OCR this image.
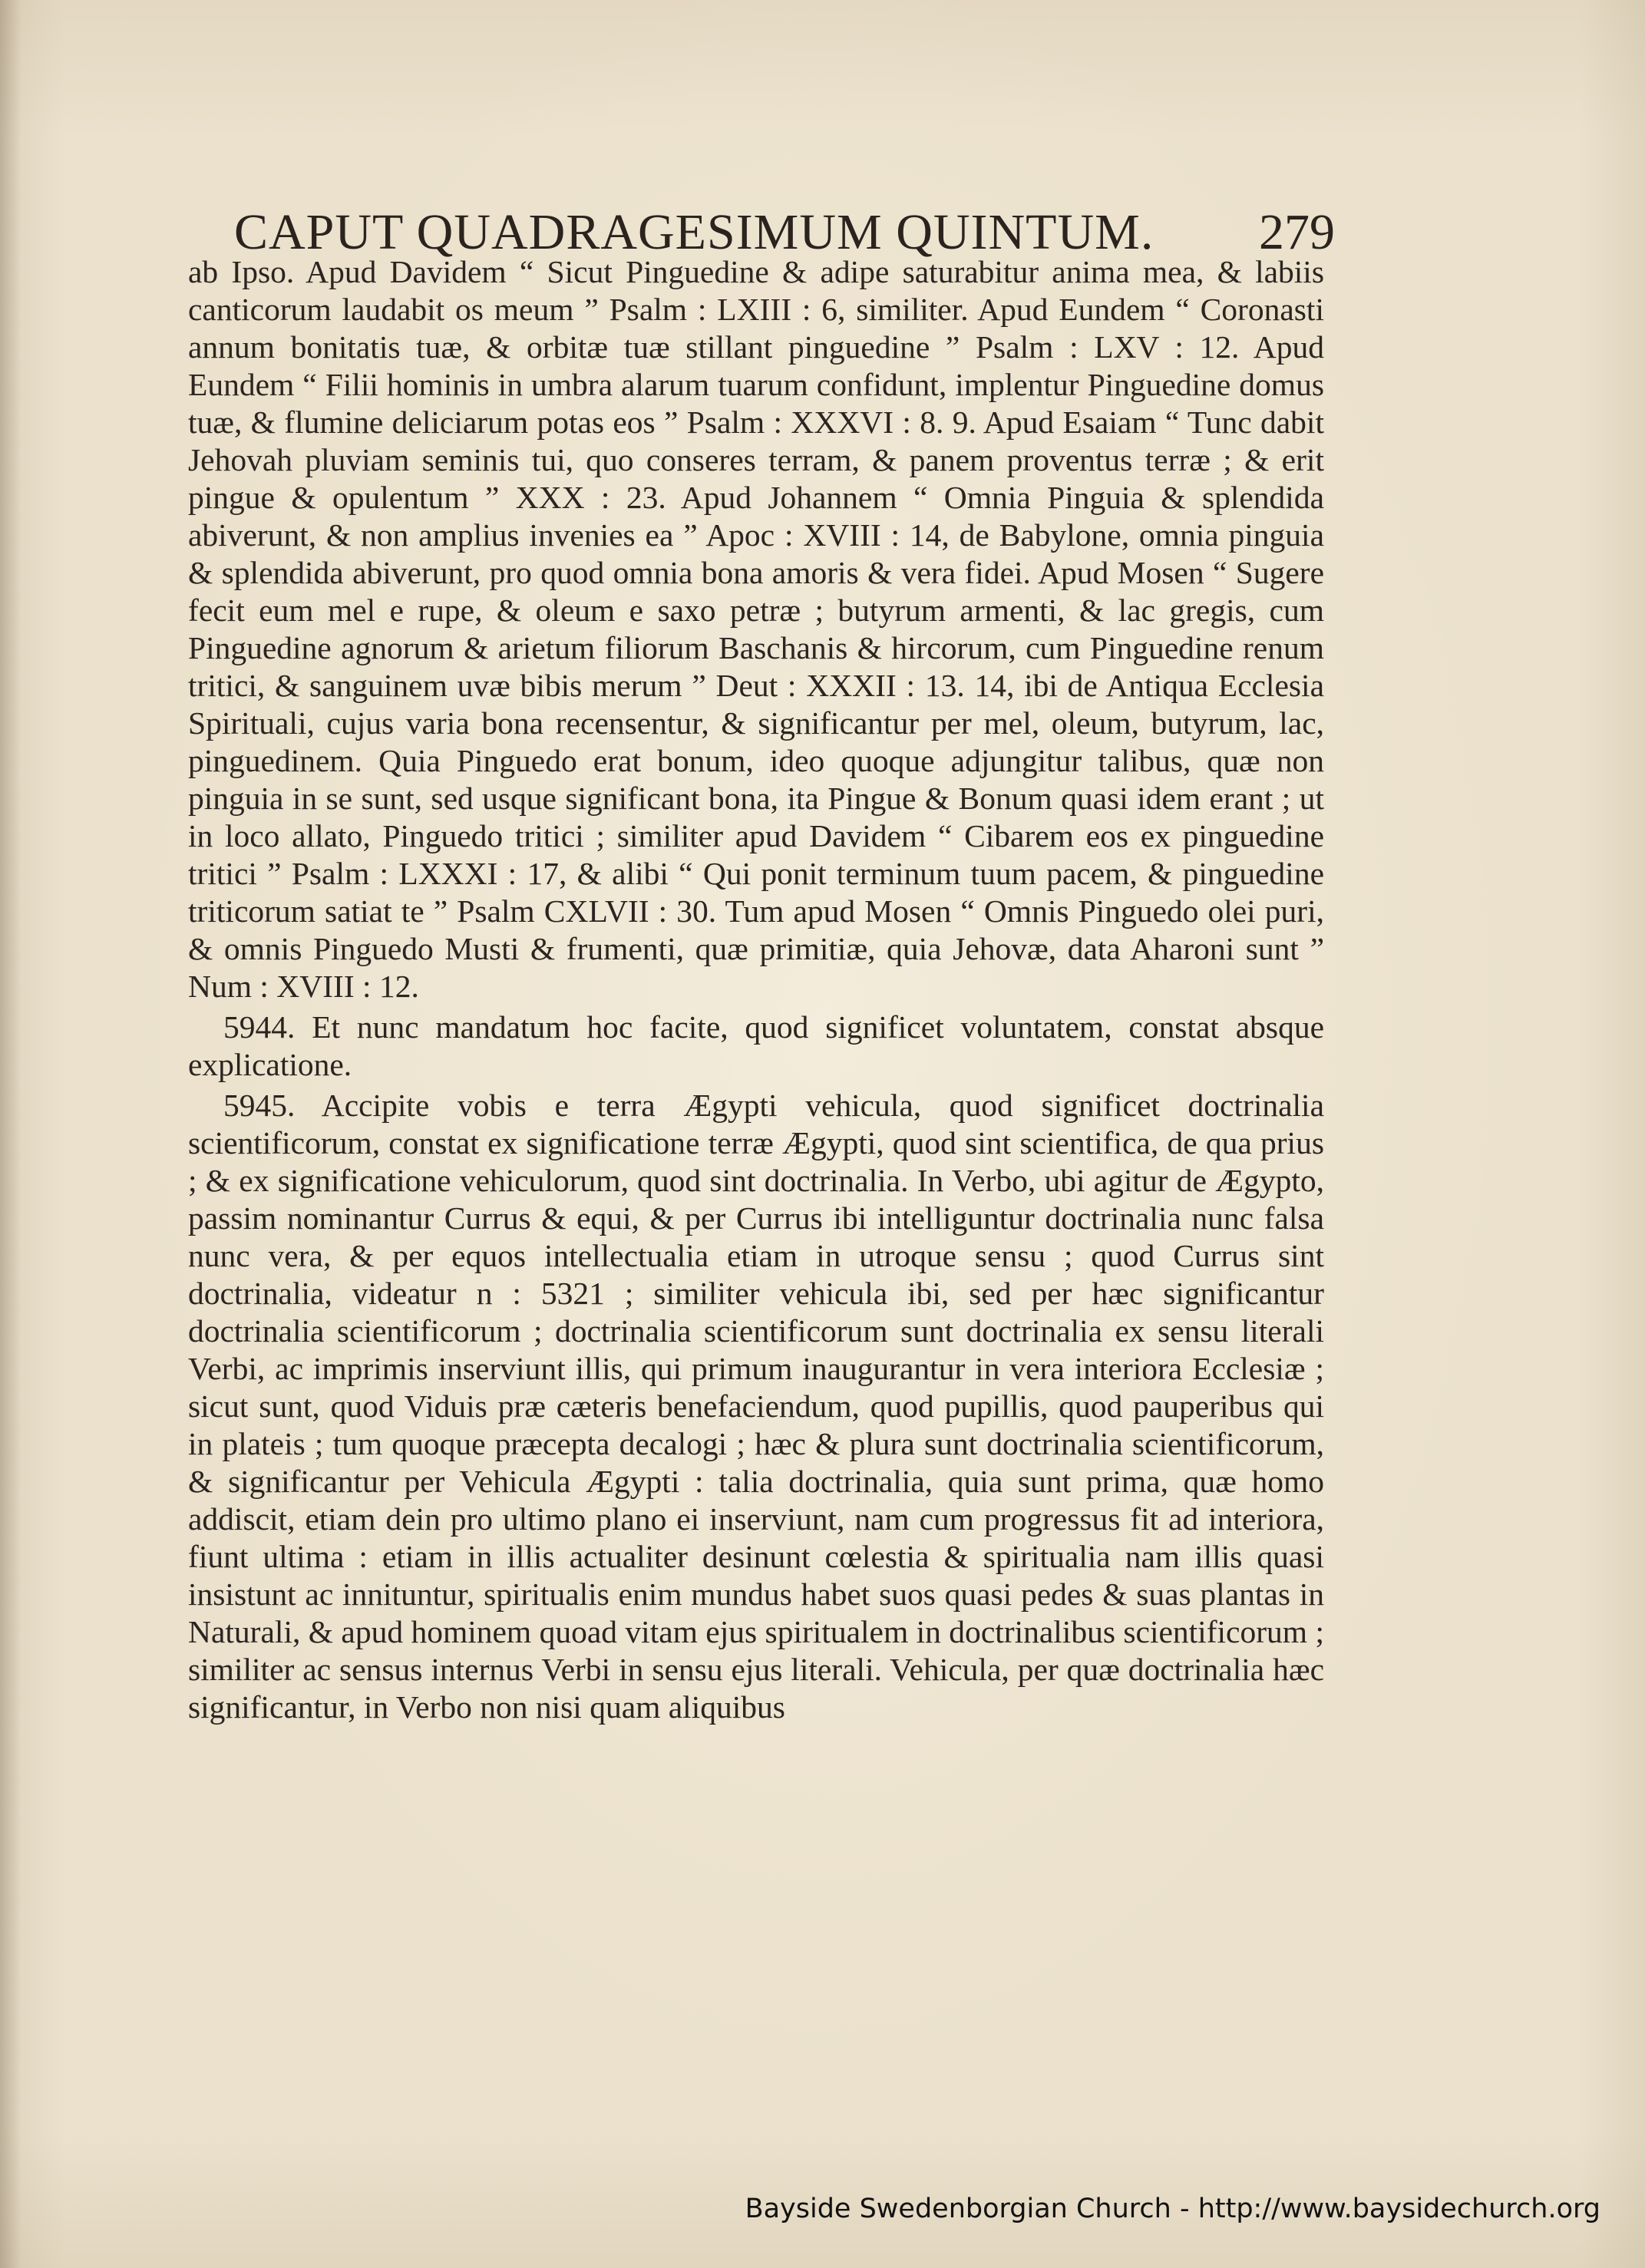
CAPUT QUADRAGESIMUM QUINTUM. 279

ab Ipso. Apud Davidem “ Sicut Pinguedine & adipe saturabitur anima mea, & labiis canticorum laudabit os meum ” Psalm : LXIII : 6, similiter. Apud Eundem “ Coronasti annum bonitatis tuæ, & orbitæ tuæ stillant pinguedine ” Psalm : LXV : 12. Apud Eundem “ Filii hominis in umbra alarum tuarum confidunt, implentur Pinguedine domus tuæ, & flumine deliciarum potas eos ” Psalm : XXXVI : 8. 9. Apud Esaiam “ Tunc dabit Jehovah pluviam seminis tui, quo conseres terram, & panem proventus terræ ; & erit pingue & opulentum ” XXX : 23. Apud Johannem “ Omnia Pinguia & splendida abiverunt, & non amplius invenies ea ” Apoc : XVIII : 14, de Babylone, omnia pinguia & splendida abiverunt, pro quod omnia bona amoris & vera fidei. Apud Mosen “ Sugere fecit eum mel e rupe, & oleum e saxo petræ ; butyrum armenti, & lac gregis, cum Pinguedine agnorum & arietum filiorum Baschanis & hircorum, cum Pinguedine renum tritici, & sanguinem uvæ bibis merum ” Deut : XXXII : 13. 14, ibi de Antiqua Ecclesia Spirituali, cujus varia bona recensentur, & significantur per mel, oleum, butyrum, lac, pinguedinem. Quia Pinguedo erat bonum, ideo quoque adjungitur talibus, quæ non pinguia in se sunt, sed usque significant bona, ita Pingue & Bonum quasi idem erant ; ut in loco allato, Pinguedo tritici ; similiter apud Davidem “ Cibarem eos ex pinguedine tritici ” Psalm : LXXXI : 17, & alibi “ Qui ponit terminum tuum pacem, & pinguedine triticorum satiat te ” Psalm CXLVII : 30. Tum apud Mosen “ Omnis Pinguedo olei puri, & omnis Pinguedo Musti & frumenti, quæ primitiæ, quia Jehovæ, data Aharoni sunt ” Num : XVIII : 12.

5944. Et nunc mandatum hoc facite, quod significet voluntatem, constat absque explicatione.

5945. Accipite vobis e terra Ægypti vehicula, quod significet doctrinalia scientificorum, constat ex significatione terræ Ægypti, quod sint scientifica, de qua prius ; & ex significatione vehiculorum, quod sint doctrinalia. In Verbo, ubi agitur de Ægypto, passim nominantur Currus & equi, & per Currus ibi intelliguntur doctrinalia nunc falsa nunc vera, & per equos intellectualia etiam in utroque sensu ; quod Currus sint doctrinalia, videatur n : 5321 ; similiter vehicula ibi, sed per hæc significantur doctrinalia scientificorum ; doctrinalia scientificorum sunt doctrinalia ex sensu literali Verbi, ac imprimis inserviunt illis, qui primum inaugurantur in vera interiora Ecclesiæ ; sicut sunt, quod Viduis præ cæteris benefaciendum, quod pupillis, quod pauperibus qui in plateis ; tum quoque præcepta decalogi ; hæc & plura sunt doctrinalia scientificorum, & significantur per Vehicula Ægypti : talia doctrinalia, quia sunt prima, quæ homo addiscit, etiam dein pro ultimo plano ei inserviunt, nam cum progressus fit ad interiora, fiunt ultima : etiam in illis actualiter desinunt cœlestia & spiritualia nam illis quasi insistunt ac innituntur, spiritualis enim mundus habet suos quasi pedes & suas plantas in Naturali, & apud hominem quoad vitam ejus spiritualem in doctrinalibus scientificorum ; similiter ac sensus internus Verbi in sensu ejus literali. Vehicula, per quæ doctrinalia hæc significantur, in Verbo non nisi quam aliquibus

Bayside Swedenborgian Church - http://www.baysidechurch.org
